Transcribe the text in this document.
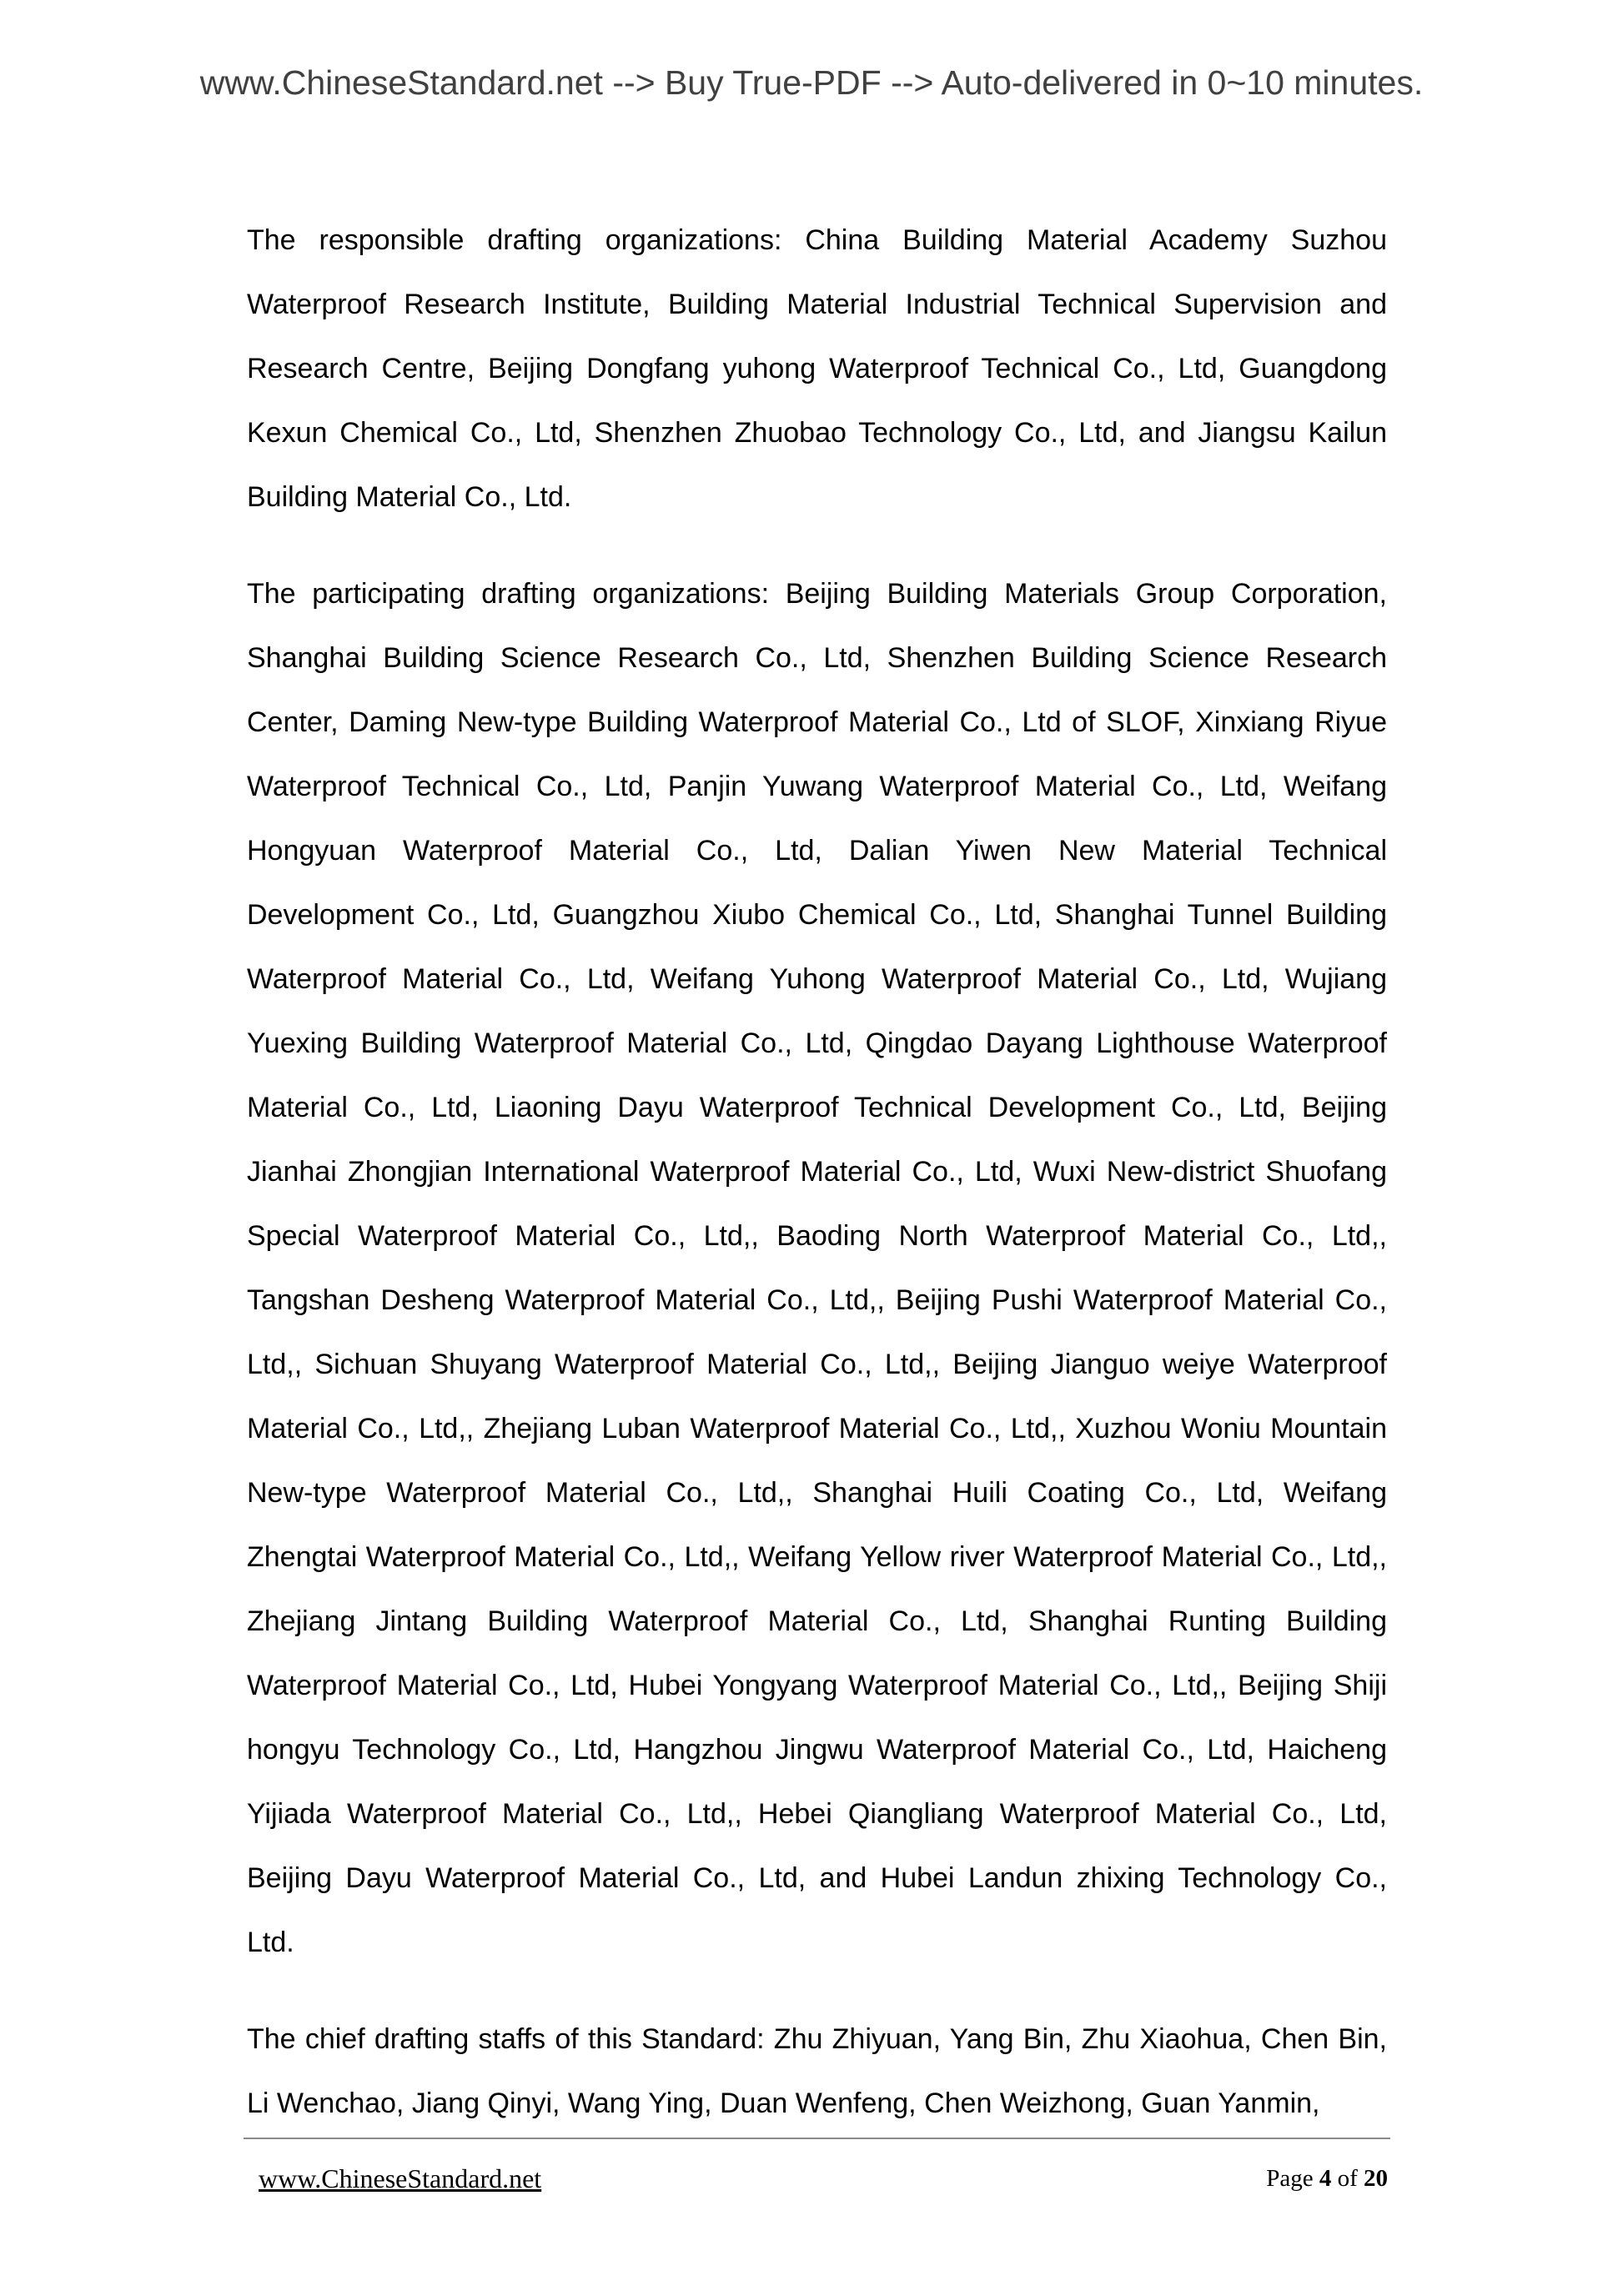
www.ChineseStandard.net --> Buy True-PDF --> Auto-delivered in 0~10 minutes.
The responsible drafting organizations: China Building Material Academy Suzhou
Waterproof Research Institute, Building Material Industrial Technical Supervision and
Research Centre, Beijing Dongfang yuhong Waterproof Technical Co., Ltd, Guangdong
Kexun Chemical Co., Ltd, Shenzhen Zhuobao Technology Co., Ltd, and Jiangsu Kailun
Building Material Co., Ltd.
The participating drafting organizations: Beijing Building Materials Group Corporation,
Shanghai Building Science Research Co., Ltd, Shenzhen Building Science Research
Center, Daming New-type Building Waterproof Material Co., Ltd of SLOF, Xinxiang Riyue
Waterproof Technical Co., Ltd, Panjin Yuwang Waterproof Material Co., Ltd, Weifang
Hongyuan Waterproof Material Co., Ltd, Dalian Yiwen New Material Technical
Development Co., Ltd, Guangzhou Xiubo Chemical Co., Ltd, Shanghai Tunnel Building
Waterproof Material Co., Ltd, Weifang Yuhong Waterproof Material Co., Ltd, Wujiang
Yuexing Building Waterproof Material Co., Ltd, Qingdao Dayang Lighthouse Waterproof
Material Co., Ltd, Liaoning Dayu Waterproof Technical Development Co., Ltd, Beijing
Jianhai Zhongjian International Waterproof Material Co., Ltd, Wuxi New-district Shuofang
Special Waterproof Material Co., Ltd,, Baoding North Waterproof Material Co., Ltd,,
Tangshan Desheng Waterproof Material Co., Ltd,, Beijing Pushi Waterproof Material Co.,
Ltd,, Sichuan Shuyang Waterproof Material Co., Ltd,, Beijing Jianguo weiye Waterproof
Material Co., Ltd,, Zhejiang Luban Waterproof Material Co., Ltd,, Xuzhou Woniu Mountain
New-type Waterproof Material Co., Ltd,, Shanghai Huili Coating Co., Ltd, Weifang
Zhengtai Waterproof Material Co., Ltd,, Weifang Yellow river Waterproof Material Co., Ltd,,
Zhejiang Jintang Building Waterproof Material Co., Ltd, Shanghai Runting Building
Waterproof Material Co., Ltd, Hubei Yongyang Waterproof Material Co., Ltd,, Beijing Shiji
hongyu Technology Co., Ltd, Hangzhou Jingwu Waterproof Material Co., Ltd, Haicheng
Yijiada Waterproof Material Co., Ltd,, Hebei Qiangliang Waterproof Material Co., Ltd,
Beijing Dayu Waterproof Material Co., Ltd, and Hubei Landun zhixing Technology Co.,
Ltd.
The chief drafting staffs of this Standard: Zhu Zhiyuan, Yang Bin, Zhu Xiaohua, Chen Bin,
Li Wenchao, Jiang Qinyi, Wang Ying, Duan Wenfeng, Chen Weizhong, Guan Yanmin,
www.ChineseStandard.net	Page 4 of 20
